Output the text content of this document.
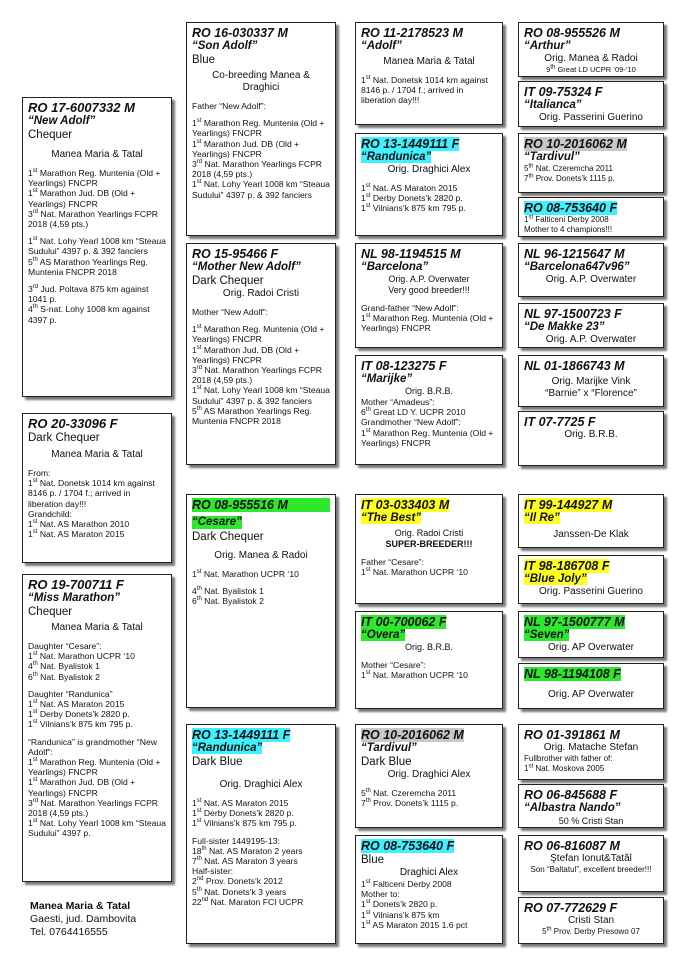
RO 17-6007332 M
“New Adolf”
Chequer
Manea Maria & Tatal
1st Marathon Reg. Muntenia (Old + Yearlings) FNCPR
1st Marathon Jud. DB (Old + Yearlings) FNCPR
3rd Nat. Marathon Yearlings FCPR 2018 (4,59 pts.)
1st Nat. Lohy Yearl 1008 km “Steaua Sudului” 4397 p. & 392 fanciers
5th AS Marathon Yearlings Reg. Muntenia FNCPR 2018
3rd Jud. Poltava 875 km against 1041 p.
4th S-nat. Lohy 1008 km against 4397 p.
RO 20-33096 F
Dark Chequer
Manea Maria & Tatal
From:
1st Nat. Donetsk 1014 km against 8146 p. / 1704 f.; arrived in liberation day!!!
Grandchild:
1st Nat. AS Marathon 2010
1st Nat. AS Maraton 2015
RO 19-700711 F
“Miss Marathon”
Chequer
Manea Maria & Tatal
Daughter “Cesare”:
1st Nat. Marathon UCPR ‘10
4th Nat. Byalistok 1
6th Nat. Byalistok 2
Daughter “Randunica”
1st Nat. AS Maraton 2015
1st Derby Donets’k 2820 p.
1st Vilnians’k 875 km 795 p.
“Randunica” is grandmother “New Adolf”:
1st Marathon Reg. Muntenia (Old + Yearlings) FNCPR
1st Marathon Jud. DB (Old + Yearlings) FNCPR
3rd Nat. Marathon Yearlings FCPR 2018 (4,59 pts.)
1st Nat. Lohy Yearl 1008 km “Steaua Sudului” 4397 p.
Manea Maria & Tatal
Gaesti, jud. Dambovita
Tel. 0764416555
RO 16-030337 M
“Son Adolf”
Blue
Co-breeding Manea & Draghici
Father “New Adolf”:
1st Marathon Reg. Muntenia (Old + Yearlings) FNCPR
1st Marathon Jud. DB (Old + Yearlings) FNCPR
3rd Nat. Marathon Yearlings FCPR 2018 (4,59 pts.)
1st Nat. Lohy Yearl 1008 km “Steaua Sudului” 4397 p. & 392 fanciers
RO 15-95466 F
“Mother New Adolf”
Dark Chequer
Orig. Radoi Cristi
Mother “New Adolf”:
1st Marathon Reg. Muntenia (Old + Yearlings) FNCPR
1st Marathon Jud. DB (Old + Yearlings) FNCPR
3rd Nat. Marathon Yearlings FCPR 2018 (4,59 pts.)
1st Nat. Lohy Yearl 1008 km “Steaua Sudului” 4397 p. & 392 fanciers
5th AS Marathon Yearlings Reg. Muntenia FNCPR 2018
RO 08-955516 M
“Cesare”
Dark Chequer
Orig. Manea & Radoi
1st Nat. Marathon UCPR ‘10
4th Nat. Byalistok 1
6th Nat. Byalistok 2
RO 13-1449111 F
“Randunica”
Dark Blue
Orig. Draghici Alex
1st Nat. AS Maraton 2015
1st Derby Donets’k 2820 p.
1st Vilnians’k 875 km 795 p.
Full-sister 1449195-13:
18th Nat. AS Maraton 2 years
7th Nat. AS Maraton 3 years
Half-sister:
2nd Prov. Donets’k 2012
5th Nat. Donets’k 3 years
22nd Nat. Maraton FCI UCPR
RO 11-2178523 M
“Adolf”
Manea Maria & Tatal
1st Nat. Donetsk 1014 km against 8146 p. / 1704 f.; arrived in liberation day!!!
RO 13-1449111 F
“Randunica”
Orig. Draghici Alex
1st Nat. AS Maraton 2015
1st Derby Donets’k 2820 p.
1st Vilnians’k 875 km 795 p.
NL 98-1194515 M
“Barcelona”
Orig. A.P. Overwater
Very good breeder!!!
Grand-father “New Adolf”:
1st Marathon Reg. Muntenia (Old + Yearlings) FNCPR
IT 08-123275 F
“Marijke”
Orig. B.R.B.
Mother “Amadeus”:
6th Great LD Y. UCPR 2010
Grandmother “New Adolf”:
1st Marathon Reg. Muntenia (Old + Yearlings) FNCPR
IT 03-033403 M
“The Best”
Orig. Radoi Cristi
SUPER-BREEDER!!!
Father “Cesare”:
1st Nat. Marathon UCPR ‘10
IT 00-700062 F
“Overa”
Orig. B.R.B.
Mother “Cesare”:
1st Nat. Marathon UCPR ‘10
RO 10-2016062 M
“Tardivul”
Dark Blue
Orig. Draghici Alex
5th Nat. Czeremcha 2011
7th Prov. Donets’k 1115 p.
RO 08-753640 F
Blue
Draghici Alex
1st Falticeni Derby 2008
Mother to:
1st Donets’k 2820 p.
1st Vilnians’k 875 km
1st AS Maraton 2015 1.6 pct
RO 08-955526 M
“Arthur”
Orig. Manea & Radoi
9th Great LD UCPR ‘09-’10
IT 09-75324 F
“Italianca”
Orig. Passerini Guerino
RO 10-2016062 M
“Tardivul”
5th Nat. Czeremcha 2011
7th Prov. Donets’k 1115 p.
RO 08-753640 F
1st Falticeni Derby 2008
Mother to 4 champions!!!
NL 96-1215647 M
“Barcelona647v96”
Orig. A.P. Overwater
NL 97-1500723 F
“De Makke 23”
Orig. A.P. Overwater
NL 01-1866743 M
Orig. Marijke Vink
“Barnie” x “Florence”
IT 07-7725 F
Orig. B.R.B.
IT 99-144927 M
“Il Re”
Janssen-De Klak
IT 98-186708 F
“Blue Joly”
Orig. Passerini Guerino
NL 97-1500777 M
“Seven”
Orig. AP Overwater
NL 98-1194108 F
Orig. AP Overwater
RO 01-391861 M
Orig. Matache Stefan
Fullbrother with father of:
1st Nat. Moskova 2005
RO 06-845688 F
“Albastra Nando”
50 % Cristi Stan
RO 06-816087 M
Ştefan Ionut&Tatăl
Son “Baltatul”, excellent breeder!!!
RO 07-772629 F
Cristi Stan
5th Prov. Derby Presowo 07
